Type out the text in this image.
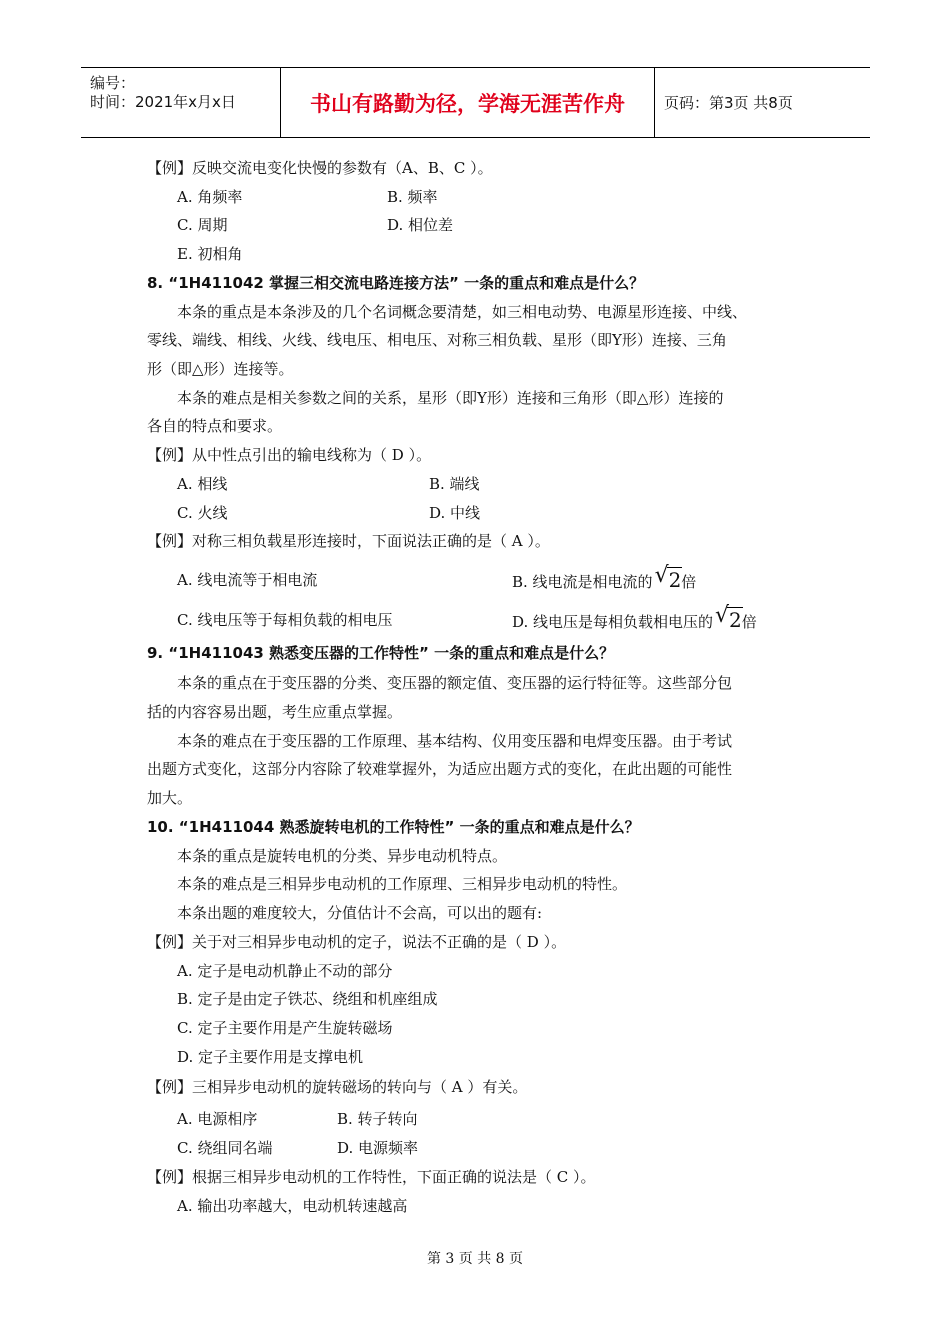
编号：
时间：2021年x月x日	书山有路勤为径，学海无涯苦作舟	页码：第3页 共8页
【例】反映交流电变化快慢的参数有（A、B、C ）。
A. 角频率	B. 频率
C. 周期	D. 相位差
E. 初相角
8. “1H411042 掌握三相交流电路连接方法” 一条的重点和难点是什么？
本条的重点是本条涉及的几个名词概念要清楚，如三相电动势、电源星形连接、中线、
零线、端线、相线、火线、线电压、相电压、对称三相负载、星形（即Y形）连接、三角
形（即△形）连接等。
本条的难点是相关参数之间的关系，星形（即Y形）连接和三角形（即△形）连接的
各自的特点和要求。
【例】从中性点引出的输电线称为（ D ）。
A. 相线	B. 端线
C. 火线	D. 中线
【例】对称三相负载星形连接时，下面说法正确的是（ A ）。
A. 线电流等于相电流	B. 线电流是相电流的 √ 2倍
C. 线电压等于每相负载的相电压	D. 线电压是每相负载相电压的 √ 2倍
9. “1H411043 熟悉变压器的工作特性” 一条的重点和难点是什么？
本条的重点在于变压器的分类、变压器的额定值、变压器的运行特征等。这些部分包
括的内容容易出题，考生应重点掌握。
本条的难点在于变压器的工作原理、基本结构、仪用变压器和电焊变压器。由于考试
出题方式变化，这部分内容除了较难掌握外，为适应出题方式的变化，在此出题的可能性
加大。
10. “1H411044 熟悉旋转电机的工作特性” 一条的重点和难点是什么？
本条的重点是旋转电机的分类、异步电动机特点。
本条的难点是三相异步电动机的工作原理、三相异步电动机的特性。
本条出题的难度较大，分值估计不会高，可以出的题有:
【例】关于对三相异步电动机的定子，说法不正确的是（ D ）。
A. 定子是电动机静止不动的部分
B. 定子是由定子铁芯、绕组和机座组成
C. 定子主要作用是产生旋转磁场
D. 定子主要作用是支撑电机
【例】三相异步电动机的旋转磁场的转向与（ A ）有关。
A. 电源相序	B. 转子转向
C. 绕组同名端	D. 电源频率
【例】根据三相异步电动机的工作特性，下面正确的说法是（ C ）。
A. 输出功率越大，电动机转速越高
第 3 页 共 8 页
